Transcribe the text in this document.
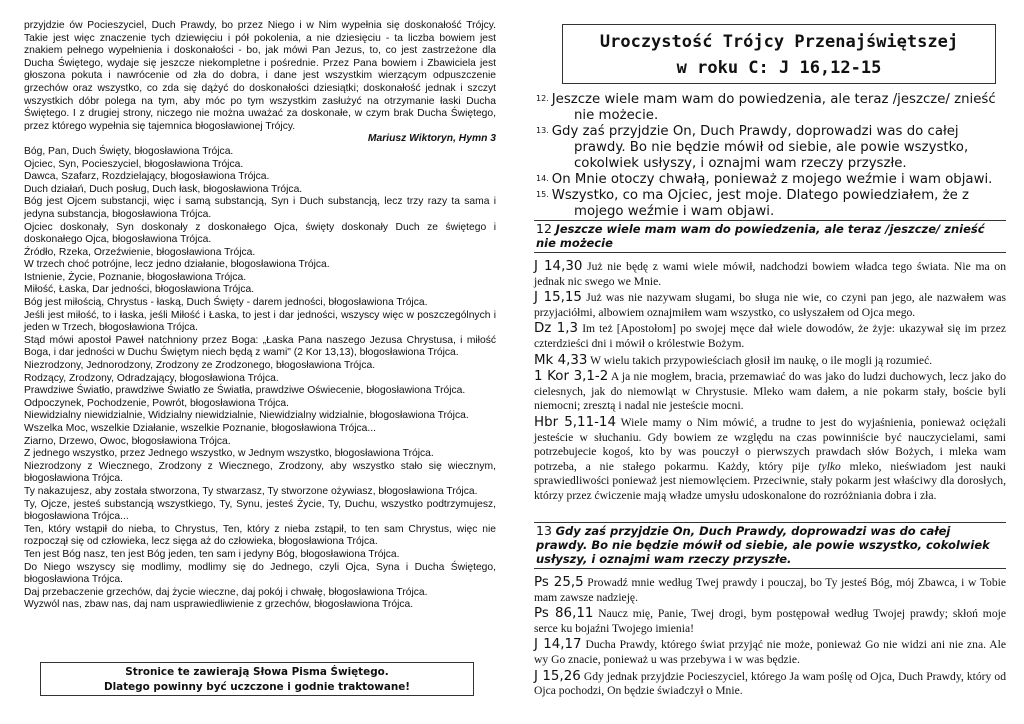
przyjdzie ów Pocieszyciel, Duch Prawdy, bo przez Niego i w Nim wypełnia się doskonałość Trójcy. Takie jest więc znaczenie tych dziewięciu i pół pokolenia, a nie dziesięciu - ta liczba bowiem jest znakiem pełnego wypełnienia i doskonałości - bo, jak mówi Pan Jezus, to, co jest zastrzeżone dla Ducha Świętego, wydaje się jeszcze niekompletne i pośrednie. Przez Pana bowiem i Zbawiciela jest głoszona pokuta i nawrócenie od zła do dobra, i dane jest wszystkim wierzącym odpuszczenie grzechów oraz wszystko, co zda się dążyć do doskonałości dziesiątki; doskonałość jednak i szczyt wszystkich dóbr polega na tym, aby móc po tym wszystkim zasłużyć na otrzymanie łaski Ducha Świętego. I z drugiej strony, niczego nie można uważać za doskonałe, w czym brak Ducha Świętego, przez którego wypełnia się tajemnica błogosławionej Trójcy.

Mariusz Wiktoryn, Hymn 3

Bóg, Pan, Duch Święty, błogosławiona Trójca.

Ojciec, Syn, Pocieszyciel, błogosławiona Trójca.

Dawca, Szafarz, Rozdzielający, błogosławiona Trójca.

Duch działań, Duch posług, Duch łask, błogosławiona Trójca.

Bóg jest Ojcem substancji, więc i samą substancją, Syn i Duch substancją, lecz trzy razy ta sama i jedyna substancja, błogosławiona Trójca.

Ojciec doskonały, Syn doskonały z doskonałego Ojca, święty doskonały Duch ze świętego i doskonałego Ojca, błogosławiona Trójca.

Źródło, Rzeka, Orzeźwienie, błogosławiona Trójca.

W trzech choć potrójne, lecz jedno działanie, błogosławiona Trójca.

Istnienie, Życie, Poznanie, błogosławiona Trójca.

Miłość, Łaska, Dar jedności, błogosławiona Trójca.

Bóg jest miłością, Chrystus - łaską, Duch Święty - darem jedności, błogosławiona Trójca.

Jeśli jest miłość, to i łaska, jeśli Miłość i Łaska, to jest i dar jedności, wszyscy więc w poszczególnych i jeden w Trzech, błogosławiona Trójca.

Stąd mówi apostoł Paweł natchniony przez Boga: „Łaska Pana naszego Jezusa Chrystusa, i miłość Boga, i dar jedności w Duchu Świętym niech będą z wami" (2 Kor 13,13), błogosławiona Trójca.

Niezrodzony, Jednorodzony, Zrodzony ze Zrodzonego, błogosławiona Trójca.

Rodzący, Zrodzony, Odradzający, błogosławiona Trójca.

Prawdziwe Światło, prawdziwe Światło ze Światła, prawdziwe Oświecenie, błogosławiona Trójca.

Odpoczynek, Pochodzenie, Powrót, błogosławiona Trójca.

Niewidzialny niewidzialnie, Widzialny niewidzialnie, Niewidzialny widzialnie, błogosławiona Trójca.

Wszelka Moc, wszelkie Działanie, wszelkie Poznanie, błogosławiona Trójca...

Ziarno, Drzewo, Owoc, błogosławiona Trójca.

Z jednego wszystko, przez Jednego wszystko, w Jednym wszystko, błogosławiona Trójca.

Niezrodzony z Wiecznego, Zrodzony z Wiecznego, Zrodzony, aby wszystko stało się wiecznym, błogosławiona Trójca.

Ty nakazujesz, aby została stworzona, Ty stwarzasz, Ty stworzone ożywiasz, błogosławiona Trójca.

Ty, Ojcze, jesteś substancją wszystkiego, Ty, Synu, jesteś Życie, Ty, Duchu, wszystko podtrzymujesz, błogosławiona Trójca...

Ten, który wstąpił do nieba, to Chrystus, Ten, który z nieba zstąpił, to ten sam Chrystus, więc nie rozpoczął się od człowieka, lecz sięga aż do człowieka, błogosławiona Trójca.

Ten jest Bóg nasz, ten jest Bóg jeden, ten sam i jedyny Bóg, błogosławiona Trójca.

Do Niego wszyscy się modlimy, modlimy się do Jednego, czyli Ojca, Syna i Ducha Świętego, błogosławiona Trójca.

Daj przebaczenie grzechów, daj życie wieczne, daj pokój i chwałę, błogosławiona Trójca.

Wyzwól nas, zbaw nas, daj nam usprawiedliwienie z grzechów, błogosławiona Trójca.

Stronice te zawierają Słowa Pisma Świętego.
Dlatego powinny być uczczone i godnie traktowane!
Uroczystość Trójcy Przenajświętszej
w roku C: J 16,12-15

$^{12.}$ Jeszcze wiele mam wam do powiedzenia, ale teraz /jeszcze/ znieść nie możecie.

$^{13.}$ Gdy zaś przyjdzie On, Duch Prawdy, doprowadzi was do całej prawdy. Bo nie będzie mówił od siebie, ale powie wszystko, cokolwiek usłyszy, i oznajmi wam rzeczy przyszłe.

$^{14.}$ On Mnie otoczy chwałą, ponieważ z mojego weźmie i wam objawi.

$^{15.}$ Wszystko, co ma Ojciec, jest moje. Dlatego powiedziałem, że z mojego weźmie i wam objawi.

12 Jeszcze wiele mam wam do powiedzenia, ale teraz /jeszcze/ znieść nie możecie

J 14,30 Już nie będę z wami wiele mówił, nadchodzi bowiem władca tego świata. Nie ma on jednak nic swego we Mnie.

J 15,15 Już was nie nazywam sługami, bo sługa nie wie, co czyni pan jego, ale nazwałem was przyjaciółmi, albowiem oznajmiłem wam wszystko, co usłyszałem od Ojca mego.

Dz 1,3 Im też [Apostołom] po swojej męce dał wiele dowodów, że żyje: ukazywał się im przez czterdzieści dni i mówił o królestwie Bożym.

Mk 4,33 W wielu takich przypowieściach głosił im naukę, o ile mogli ją rozumieć.

1 Kor 3,1-2 A ja nie mogłem, bracia, przemawiać do was jako do ludzi duchowych, lecz jako do cielesnych, jak do niemowląt w Chrystusie. Mleko wam dałem, a nie pokarm stały, boście byli niemocni; zresztą i nadal nie jesteście mocni.

Hbr 5,11-14 Wiele mamy o Nim mówić, a trudne to jest do wyjaśnienia, ponieważ ociężali jesteście w słuchaniu. Gdy bowiem ze względu na czas powinniście być nauczycielami, sami potrzebujecie kogoś, kto by was pouczył o pierwszych prawdach słów Bożych, i mleka wam potrzeba, a nie stałego pokarmu. Każdy, który pije tylko mleko, nieświadom jest nauki sprawiedliwości ponieważ jest niemowlęciem. Przeciwnie, stały pokarm jest właściwy dla dorosłych, którzy przez ćwiczenie mają władze umysłu udoskonalone do rozróżniania dobra i zła.

13 Gdy zaś przyjdzie On, Duch Prawdy, doprowadzi was do całej prawdy. Bo nie będzie mówił od siebie, ale powie wszystko, cokolwiek usłyszy, i oznajmi wam rzeczy przyszłe.

Ps 25,5 Prowadź mnie według Twej prawdy i pouczaj, bo Ty jesteś Bóg, mój Zbawca, i w Tobie mam zawsze nadzieję.

Ps 86,11 Naucz mię, Panie, Twej drogi, bym postępował według Twojej prawdy; skłoń moje serce ku bojaźni Twojego imienia!

J 14,17 Ducha Prawdy, którego świat przyjąć nie może, ponieważ Go nie widzi ani nie zna. Ale wy Go znacie, ponieważ u was przebywa i w was będzie.

J 15,26 Gdy jednak przyjdzie Pocieszyciel, którego Ja wam poślę od Ojca, Duch Prawdy, który od Ojca pochodzi, On będzie świadczył o Mnie.
